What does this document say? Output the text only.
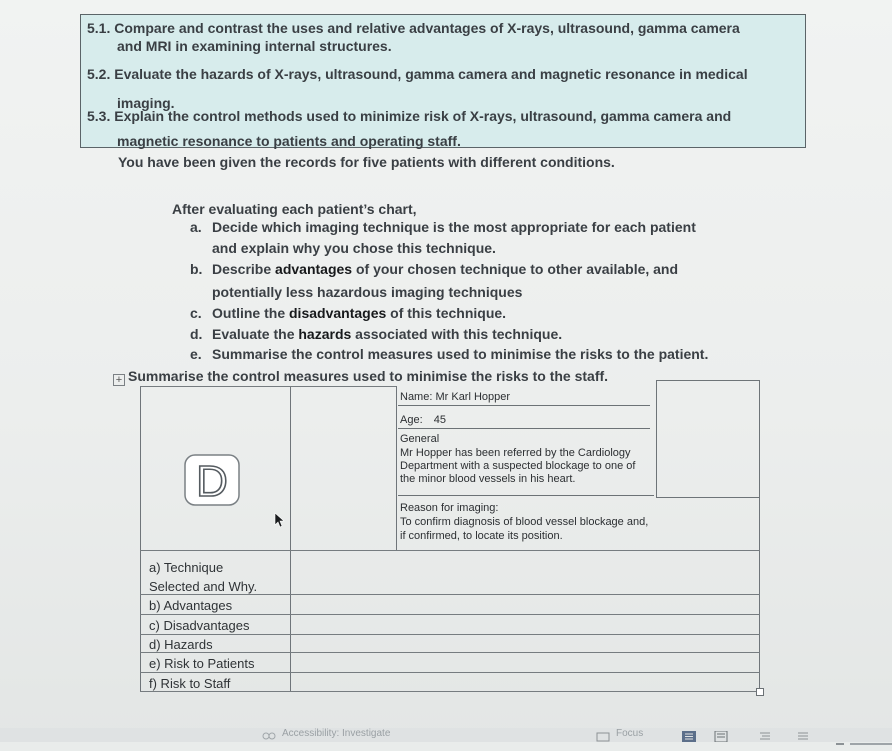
5.1. Compare and contrast the uses and relative advantages of X-rays, ultrasound, gamma camera
and MRI in examining internal structures.
5.2. Evaluate the hazards of X-rays, ultrasound, gamma camera and magnetic resonance in medical
imaging.
5.3. Explain the control methods used to minimize risk of X-rays, ultrasound, gamma camera and
magnetic resonance to patients and operating staff.
You have been given the records for five patients with different conditions.
After evaluating each patient’s chart,
a. Decide which imaging technique is the most appropriate for each patient
and explain why you chose this technique.
b. Describe advantages of your chosen technique to other available, and
potentially less hazardous imaging techniques
c. Outline the disadvantages of this technique.
d. Evaluate the hazards associated with this technique.
e. Summarise the control measures used to minimise the risks to the patient.
+ Summarise the control measures used to minimise the risks to the staff.
D
a) Technique
Selected and Why.
b) Advantages
c) Disadvantages
d) Hazards
e) Risk to Patients
f) Risk to Staff
Name: Mr Karl Hopper
Age: 45
General
Mr Hopper has been referred by the Cardiology
Department with a suspected blockage to one of
the minor blood vessels in his heart.
Reason for imaging:
To confirm diagnosis of blood vessel blockage and,
if confirmed, to locate its position.
Accessibility: Investigate	Focus
